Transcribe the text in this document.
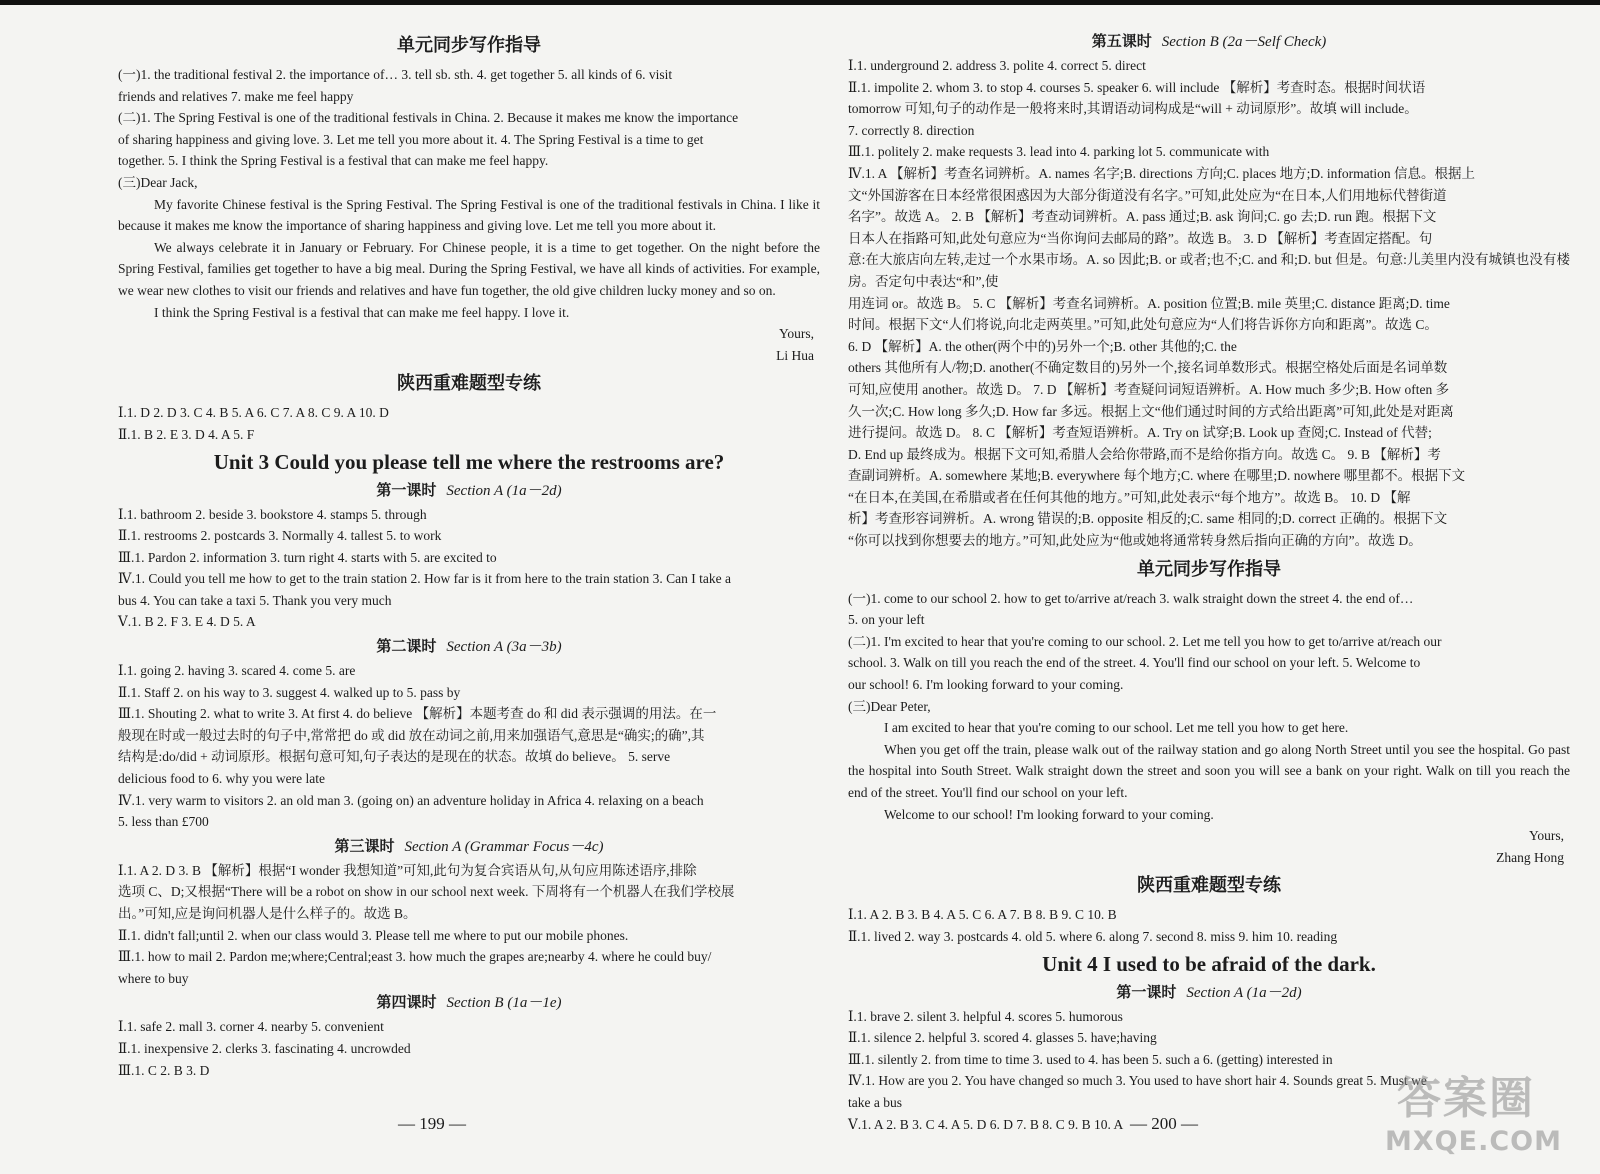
单元同步写作指导

(一)1. the traditional festival 2. the importance of… 3. tell sb. sth. 4. get together 5. all kinds of 6. visit

friends and relatives 7. make me feel happy

(二)1. The Spring Festival is one of the traditional festivals in China. 2. Because it makes me know the importance

of sharing happiness and giving love. 3. Let me tell you more about it. 4. The Spring Festival is a time to get

together. 5. I think the Spring Festival is a festival that can make me feel happy.

(三)Dear Jack,

My favorite Chinese festival is the Spring Festival. The Spring Festival is one of the traditional festivals in China. I like it because it makes me know the importance of sharing happiness and giving love. Let me tell you more about it.

We always celebrate it in January or February. For Chinese people, it is a time to get together. On the night before the Spring Festival, families get together to have a big meal. During the Spring Festival, we have all kinds of activities. For example, we wear new clothes to visit our friends and relatives and have fun together, the old give children lucky money and so on.

I think the Spring Festival is a festival that can make me feel happy. I love it.

Yours,

Li Hua

陕西重难题型专练

Ⅰ.1. D 2. D 3. C 4. B 5. A 6. C 7. A 8. C 9. A 10. D

Ⅱ.1. B 2. E 3. D 4. A 5. F

Unit 3 Could you please tell me where the restrooms are?
第一课时 Section A (1a－2d)

Ⅰ.1. bathroom 2. beside 3. bookstore 4. stamps 5. through

Ⅱ.1. restrooms 2. postcards 3. Normally 4. tallest 5. to work

Ⅲ.1. Pardon 2. information 3. turn right 4. starts with 5. are excited to

Ⅳ.1. Could you tell me how to get to the train station 2. How far is it from here to the train station 3. Can I take a

bus 4. You can take a taxi 5. Thank you very much

Ⅴ.1. B 2. F 3. E 4. D 5. A

第二课时 Section A (3a－3b)

Ⅰ.1. going 2. having 3. scared 4. come 5. are

Ⅱ.1. Staff 2. on his way to 3. suggest 4. walked up to 5. pass by

Ⅲ.1. Shouting 2. what to write 3. At first 4. do believe 【解析】本题考查 do 和 did 表示强调的用法。在一

般现在时或一般过去时的句子中,常常把 do 或 did 放在动词之前,用来加强语气,意思是“确实;的确”,其

结构是:do/did + 动词原形。根据句意可知,句子表达的是现在的状态。故填 do believe。 5. serve

delicious food to 6. why you were late

Ⅳ.1. very warm to visitors 2. an old man 3. (going on) an adventure holiday in Africa 4. relaxing on a beach

5. less than £700

第三课时 Section A (Grammar Focus－4c)

Ⅰ.1. A 2. D 3. B 【解析】根据“I wonder 我想知道”可知,此句为复合宾语从句,从句应用陈述语序,排除

选项 C、D;又根据“There will be a robot on show in our school next week. 下周将有一个机器人在我们学校展

出。”可知,应是询问机器人是什么样子的。故选 B。

Ⅱ.1. didn't fall;until 2. when our class would 3. Please tell me where to put our mobile phones.

Ⅲ.1. how to mail 2. Pardon me;where;Central;east 3. how much the grapes are;nearby 4. where he could buy/

where to buy

第四课时 Section B (1a－1e)

Ⅰ.1. safe 2. mall 3. corner 4. nearby 5. convenient

Ⅱ.1. inexpensive 2. clerks 3. fascinating 4. uncrowded

Ⅲ.1. C 2. B 3. D

第五课时 Section B (2a－Self Check)

Ⅰ.1. underground 2. address 3. polite 4. correct 5. direct

Ⅱ.1. impolite 2. whom 3. to stop 4. courses 5. speaker 6. will include 【解析】考查时态。根据时间状语

tomorrow 可知,句子的动作是一般将来时,其谓语动词构成是“will + 动词原形”。故填 will include。

7. correctly 8. direction

Ⅲ.1. politely 2. make requests 3. lead into 4. parking lot 5. communicate with

Ⅳ.1. A 【解析】考查名词辨析。A. names 名字;B. directions 方向;C. places 地方;D. information 信息。根据上

文“外国游客在日本经常很困惑因为大部分街道没有名字。”可知,此处应为“在日本,人们用地标代替街道

名字”。故选 A。 2. B 【解析】考查动词辨析。A. pass 通过;B. ask 询问;C. go 去;D. run 跑。根据下文

日本人在指路可知,此处句意应为“当你询问去邮局的路”。故选 B。 3. D 【解析】考查固定搭配。句

意:在大旅店向左转,走过一个水果市场。A. so 因此;B. or 或者;也不;C. and 和;D. but 但是。句意:儿美里内没有城镇也没有楼房。否定句中表达“和”,使

用连词 or。故选 B。 5. C 【解析】考查名词辨析。A. position 位置;B. mile 英里;C. distance 距离;D. time

时间。根据下文“人们将说,向北走两英里。”可知,此处句意应为“人们将告诉你方向和距离”。故选 C。

6. D 【解析】A. the other(两个中的)另外一个;B. other 其他的;C. the

others 其他所有人/物;D. another(不确定数目的)另外一个,接名词单数形式。根据空格处后面是名词单数

可知,应使用 another。故选 D。 7. D 【解析】考查疑问词短语辨析。A. How much 多少;B. How often 多

久一次;C. How long 多久;D. How far 多远。根据上文“他们通过时间的方式给出距离”可知,此处是对距离

进行提问。故选 D。 8. C 【解析】考查短语辨析。A. Try on 试穿;B. Look up 查阅;C. Instead of 代替;

D. End up 最终成为。根据下文可知,希腊人会给你带路,而不是给你指方向。故选 C。 9. B 【解析】考

查副词辨析。A. somewhere 某地;B. everywhere 每个地方;C. where 在哪里;D. nowhere 哪里都不。根据下文

“在日本,在美国,在希腊或者在任何其他的地方。”可知,此处表示“每个地方”。故选 B。 10. D 【解

析】考查形容词辨析。A. wrong 错误的;B. opposite 相反的;C. same 相同的;D. correct 正确的。根据下文

“你可以找到你想要去的地方。”可知,此处应为“他或她将通常转身然后指向正确的方向”。故选 D。

单元同步写作指导

(一)1. come to our school 2. how to get to/arrive at/reach 3. walk straight down the street 4. the end of…

5. on your left

(二)1. I'm excited to hear that you're coming to our school. 2. Let me tell you how to get to/arrive at/reach our

school. 3. Walk on till you reach the end of the street. 4. You'll find our school on your left. 5. Welcome to

our school! 6. I'm looking forward to your coming.

(三)Dear Peter,

I am excited to hear that you're coming to our school. Let me tell you how to get here.

When you get off the train, please walk out of the railway station and go along North Street until you see the hospital. Go past the hospital into South Street. Walk straight down the street and soon you will see a bank on your right. Walk on till you reach the end of the street. You'll find our school on your left.

Welcome to our school! I'm looking forward to your coming.

Yours,

Zhang Hong

陕西重难题型专练

Ⅰ.1. A 2. B 3. B 4. A 5. C 6. A 7. B 8. B 9. C 10. B

Ⅱ.1. lived 2. way 3. postcards 4. old 5. where 6. along 7. second 8. miss 9. him 10. reading

Unit 4 I used to be afraid of the dark.
第一课时 Section A (1a－2d)

Ⅰ.1. brave 2. silent 3. helpful 4. scores 5. humorous

Ⅱ.1. silence 2. helpful 3. scored 4. glasses 5. have;having

Ⅲ.1. silently 2. from time to time 3. used to 4. has been 5. such a 6. (getting) interested in

Ⅳ.1. How are you 2. You have changed so much 3. You used to have short hair 4. Sounds great 5. Must we

take a bus

Ⅴ.1. A 2. B 3. C 4. A 5. D 6. D 7. B 8. C 9. B 10. A

— 199 —	— 200 —	答案圈
MXQE.COM
